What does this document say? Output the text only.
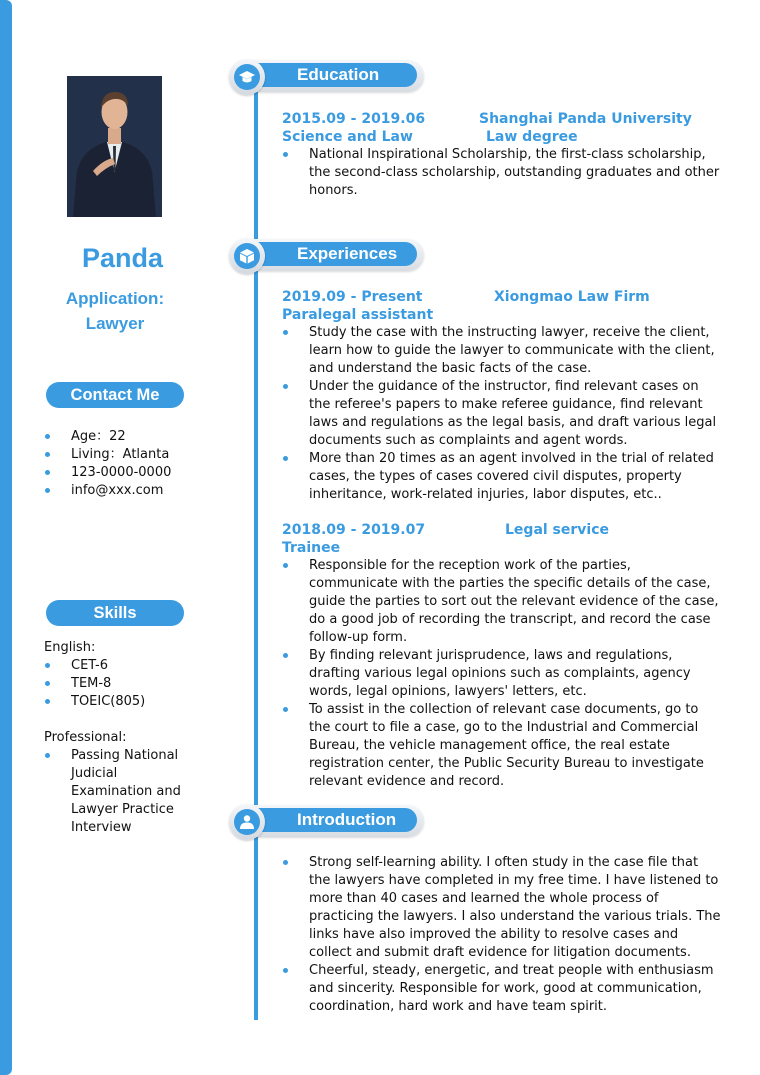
Panda
Application:
Lawyer
Contact Me
Age：22
Living：Atlanta
123-0000-0000
info@xxx.com
Skills
English:
CET-6
TEM-8
TOEIC(805)
Professional:
Passing National Judicial Examination and Lawyer Practice Interview
Education
2015.09 - 2019.06	Shanghai Panda University
Science and Law	Law degree
National Inspirational Scholarship, the first-class scholarship, the second-class scholarship, outstanding graduates and other honors.
Experiences
2019.09 - Present	Xiongmao Law Firm
Paralegal assistant
Study the case with the instructing lawyer, receive the client, learn how to guide the lawyer to communicate with the client, and understand the basic facts of the case.
Under the guidance of the instructor, find relevant cases on the referee's papers to make referee guidance, find relevant laws and regulations as the legal basis, and draft various legal documents such as complaints and agent words.
More than 20 times as an agent involved in the trial of related cases, the types of cases covered civil disputes, property inheritance, work-related injuries, labor disputes, etc..
2018.09 - 2019.07	Legal service
Trainee
Responsible for the reception work of the parties, communicate with the parties the specific details of the case, guide the parties to sort out the relevant evidence of the case, do a good job of recording the transcript, and record the case follow-up form.
By finding relevant jurisprudence, laws and regulations, drafting various legal opinions such as complaints, agency words, legal opinions, lawyers' letters, etc.
To assist in the collection of relevant case documents, go to the court to file a case, go to the Industrial and Commercial Bureau, the vehicle management office, the real estate registration center, the Public Security Bureau to investigate relevant evidence and record.
Introduction
Strong self-learning ability. I often study in the case file that the lawyers have completed in my free time. I have listened to more than 40 cases and learned the whole process of practicing the lawyers. I also understand the various trials. The links have also improved the ability to resolve cases and collect and submit draft evidence for litigation documents.
Cheerful, steady, energetic, and treat people with enthusiasm and sincerity. Responsible for work, good at communication, coordination, hard work and have team spirit.
